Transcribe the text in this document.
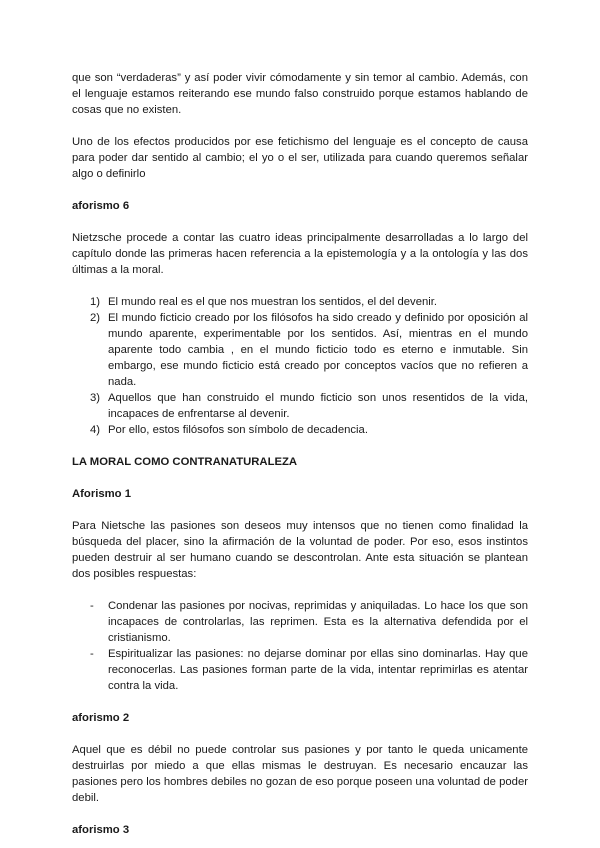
que son “verdaderas” y así poder vivir cómodamente y sin temor al cambio. Además, con el lenguaje estamos reiterando ese mundo falso construido porque estamos hablando de cosas que no existen.

Uno de los efectos producidos por ese fetichismo del lenguaje es el concepto de causa para poder dar sentido al cambio; el yo o el ser, utilizada para cuando queremos señalar algo o definirlo

aforismo 6

Nietzsche procede a contar las cuatro ideas principalmente desarrolladas a lo largo del capítulo donde las primeras hacen referencia a la epistemología y a la ontología y las dos últimas a la moral.

1) El mundo real es el que nos muestran los sentidos, el del devenir.
2) El mundo ficticio creado por los filósofos ha sido creado y definido por oposición al mundo aparente, experimentable por los sentidos. Así, mientras en el mundo aparente todo cambia , en el mundo ficticio todo es eterno e inmutable. Sin embargo, ese mundo ficticio está creado por conceptos vacíos que no refieren a nada.
3) Aquellos que han construido el mundo ficticio son unos resentidos de la vida, incapaces de enfrentarse al devenir.
4) Por ello, estos filósofos son símbolo de decadencia.
LA MORAL COMO CONTRANATURALEZA
Aforismo 1

Para Nietsche las pasiones son deseos muy intensos que no tienen como finalidad la búsqueda del placer, sino la afirmación de la voluntad de poder. Por eso, esos instintos pueden destruir al ser humano cuando se descontrolan. Ante esta situación se plantean dos posibles respuestas:

- Condenar las pasiones por nocivas, reprimidas y aniquiladas. Lo hace los que son incapaces de controlarlas, las reprimen. Esta es la alternativa defendida por el cristianismo.
- Espiritualizar las pasiones: no dejarse dominar por ellas sino dominarlas. Hay que reconocerlas. Las pasiones forman parte de la vida, intentar reprimirlas es atentar contra la vida.
aforismo 2

Aquel que es débil no puede controlar sus pasiones y por tanto le queda unicamente destruirlas por miedo a que ellas mismas le destruyan. Es necesario encauzar las pasiones pero los hombres debiles no gozan de eso porque poseen una voluntad de poder debil.

aforismo 3
